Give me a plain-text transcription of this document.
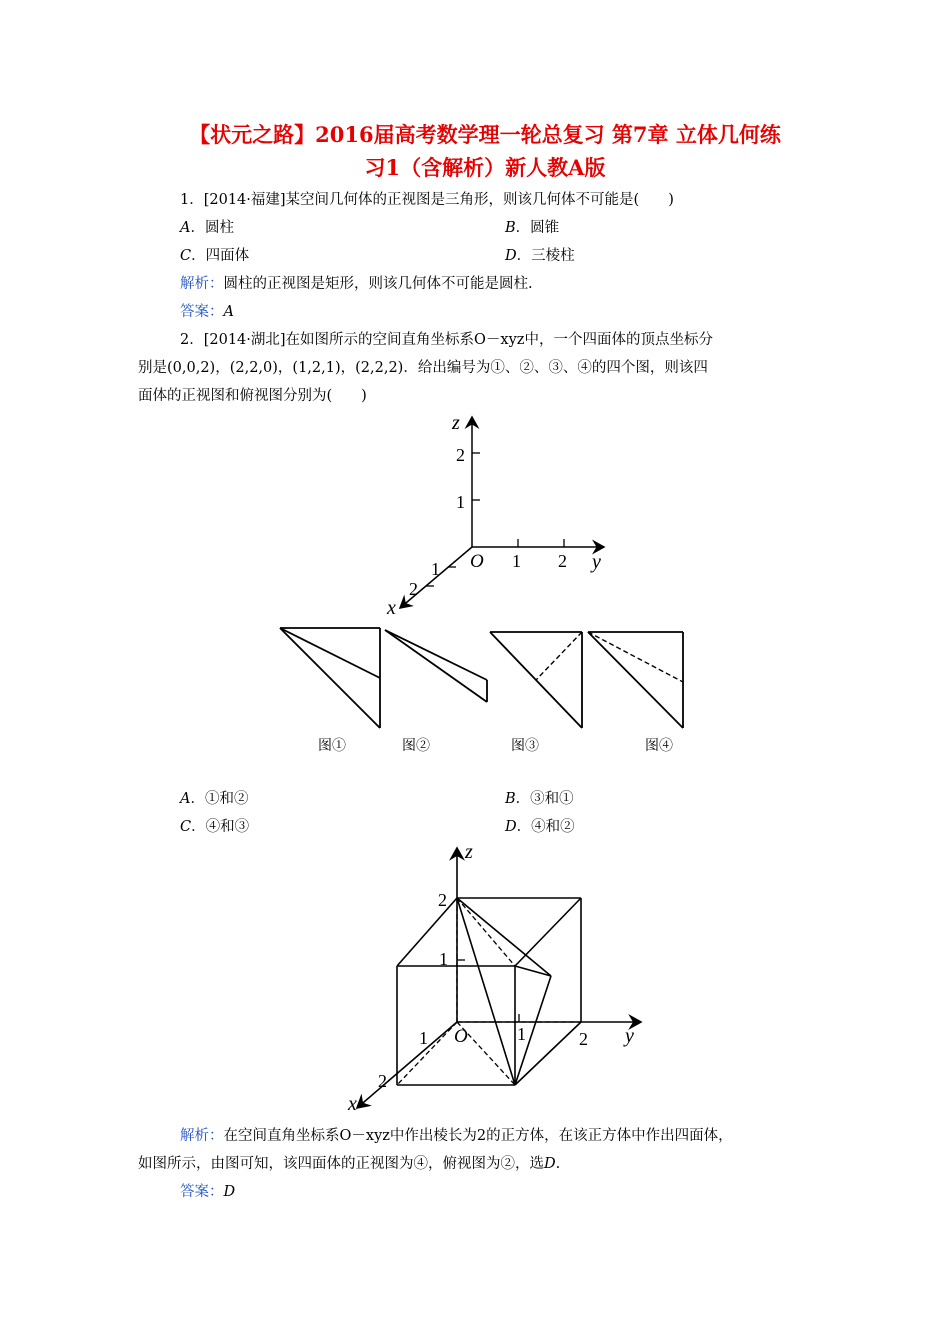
【状元之路】2016届高考数学理一轮总复习 第7章 立体几何练
习1（含解析）新人教A版
1．[2014·福建]某空间几何体的正视图是三角形，则该几何体不可能是(　　)
A．圆柱	B．圆锥
C．四面体	D．三棱柱
解析：圆柱的正视图是矩形，则该几何体不可能是圆柱.
答案：A
2．[2014·湖北]在如图所示的空间直角坐标系O－xyz中，一个四面体的顶点坐标分
别是(0,0,2)，(2,2,0)，(1,2,1)，(2,2,2)．给出编号为①、②、③、④的四个图，则该四
面体的正视图和俯视图分别为(　　)
z
2
1
O 1 2 y
1
2
x
图①	图②	图③	图④
A．①和②	B．③和①
C．④和③	D．④和②
z
2
1
O	1	2 y
1
2
x
解析：在空间直角坐标系O－xyz中作出棱长为2的正方体，在该正方体中作出四面体，
如图所示，由图可知，该四面体的正视图为④，俯视图为②，选D.
答案：D
